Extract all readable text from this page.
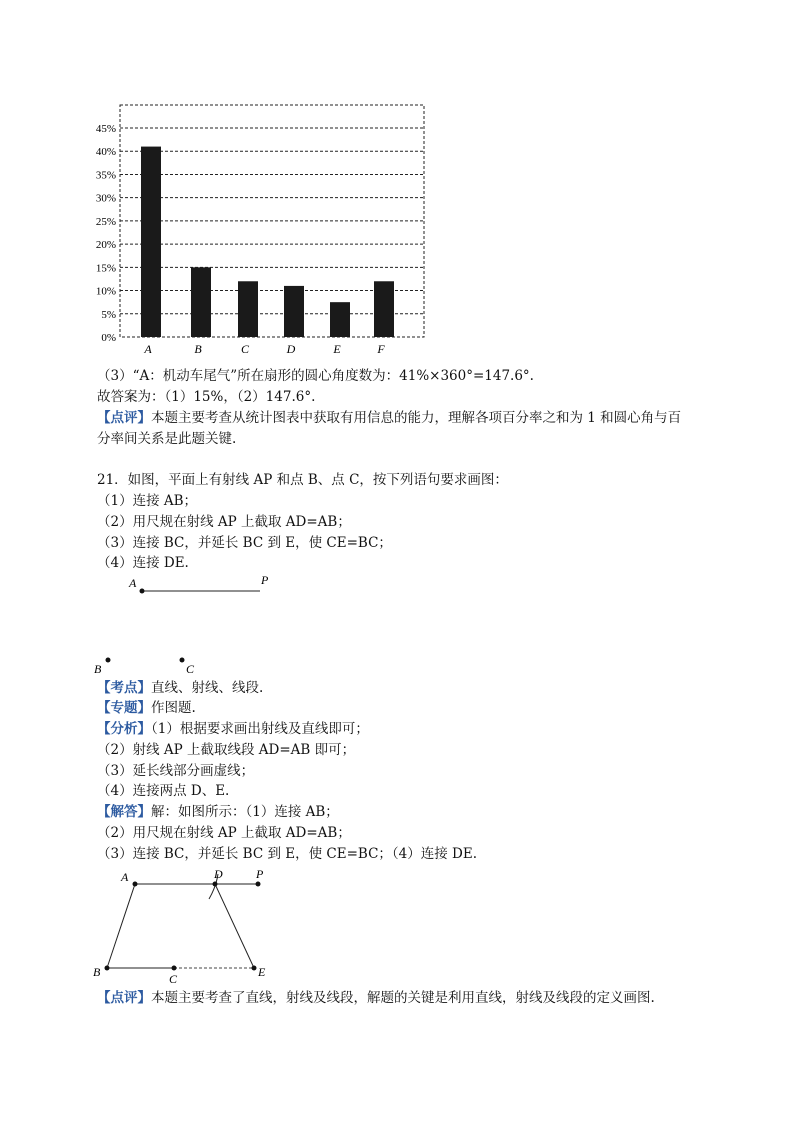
0%
5%
10%
15%
20%
25%
30%
35%
40%
45%
A	B	C	D	E	F
（3）“A：机动车尾气”所在扇形的圆心角度数为：41%×360°=147.6°.
故答案为：（1）15%，（2）147.6°.
【点评】本题主要考查从统计图表中获取有用信息的能力，理解各项百分率之和为 1 和圆心角与百
分率间关系是此题关键.
21．如图，平面上有射线 AP 和点 B、点 C，按下列语句要求画图：
（1）连接 AB；
（2）用尺规在射线 AP 上截取 AD=AB；
（3）连接 BC，并延长 BC 到 E，使 CE=BC；
（4）连接 DE.
A	P
B	C
【考点】直线、射线、线段.
【专题】作图题.
【分析】（1）根据要求画出射线及直线即可；
（2）射线 AP 上截取线段 AD=AB 即可；
（3）延长线部分画虚线；
（4）连接两点 D、E.
【解答】解：如图所示：（1）连接 AB；
（2）用尺规在射线 AP 上截取 AD=AB；
（3）连接 BC，并延长 BC 到 E，使 CE=BC；（4）连接 DE.
A	D	P
B	C	E
【点评】本题主要考查了直线，射线及线段，解题的关键是利用直线，射线及线段的定义画图.
